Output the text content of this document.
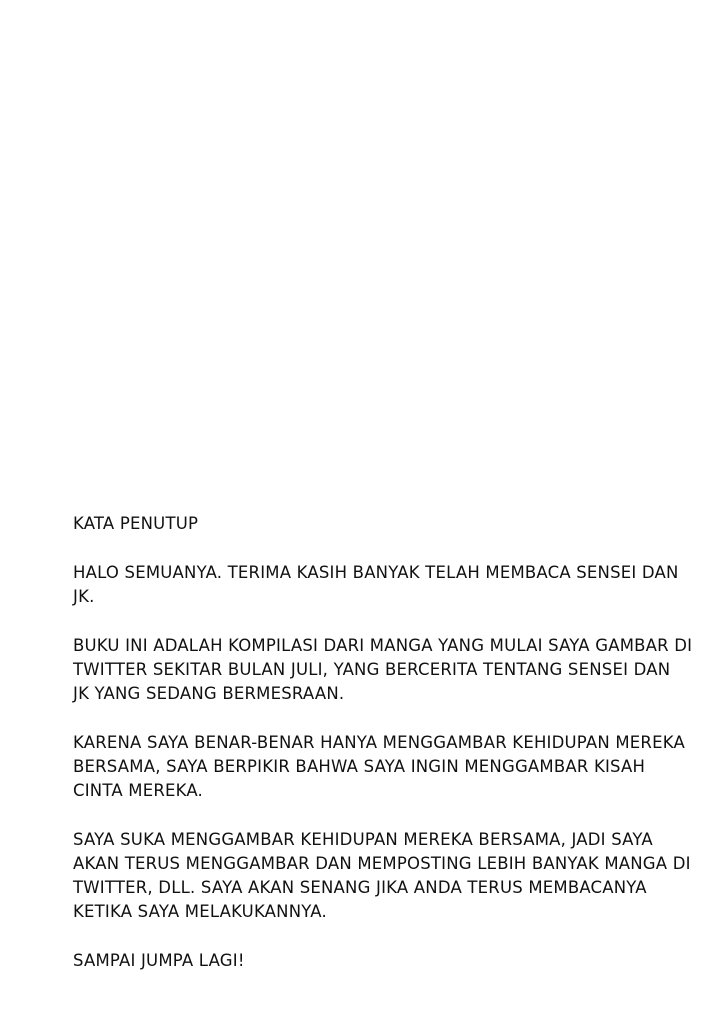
KATA PENUTUP
HALO SEMUANYA. TERIMA KASIH BANYAK TELAH MEMBACA SENSEI DAN
JK.
BUKU INI ADALAH KOMPILASI DARI MANGA YANG MULAI SAYA GAMBAR DI
TWITTER SEKITAR BULAN JULI, YANG BERCERITA TENTANG SENSEI DAN
JK YANG SEDANG BERMESRAAN.
KARENA SAYA BENAR-BENAR HANYA MENGGAMBAR KEHIDUPAN MEREKA
BERSAMA, SAYA BERPIKIR BAHWA SAYA INGIN MENGGAMBAR KISAH
CINTA MEREKA.
SAYA SUKA MENGGAMBAR KEHIDUPAN MEREKA BERSAMA, JADI SAYA
AKAN TERUS MENGGAMBAR DAN MEMPOSTING LEBIH BANYAK MANGA DI
TWITTER, DLL. SAYA AKAN SENANG JIKA ANDA TERUS MEMBACANYA
KETIKA SAYA MELAKUKANNYA.
SAMPAI JUMPA LAGI!
